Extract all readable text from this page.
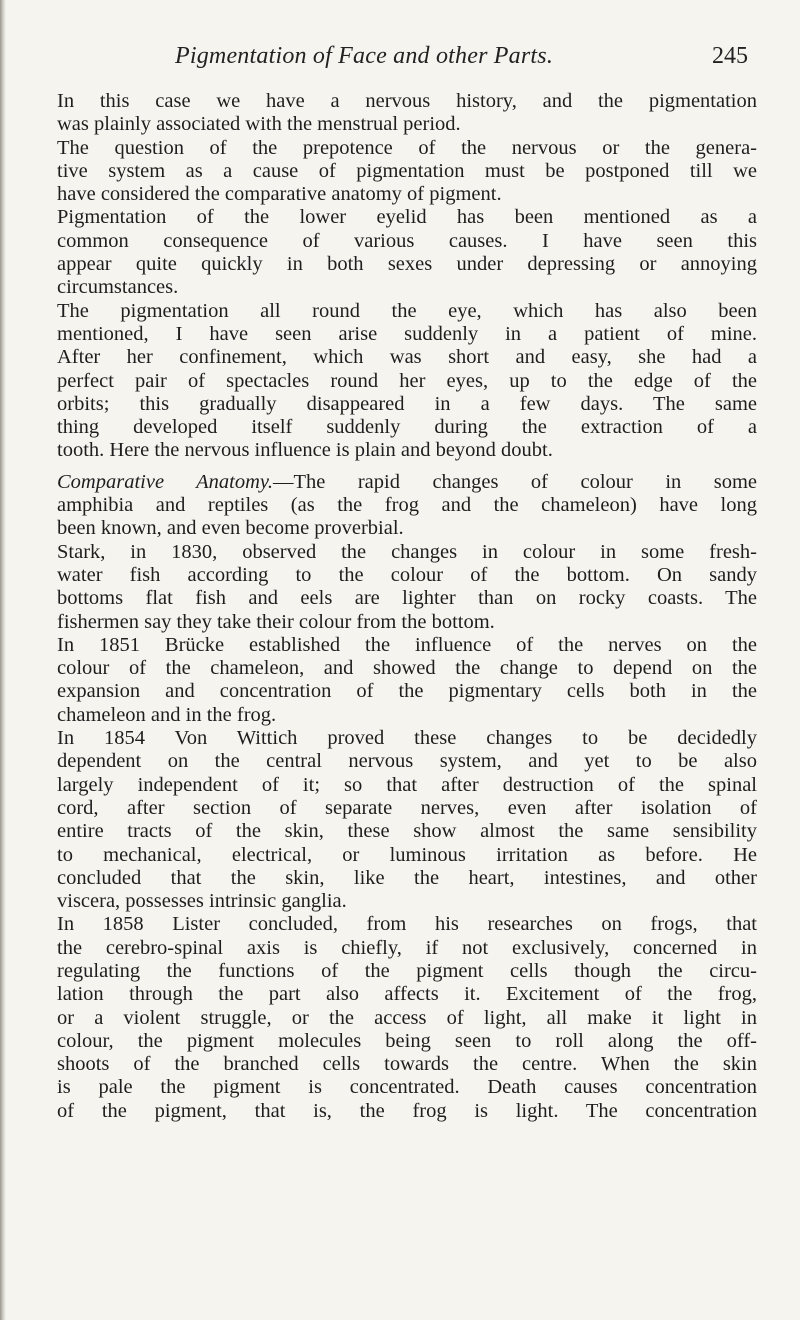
Pigmentation of Face and other Parts.	245
In this case we have a nervous history, and the pigmentation
was plainly associated with the menstrual period.
The question of the prepotence of the nervous or the genera-
tive system as a cause of pigmentation must be postponed till we
have considered the comparative anatomy of pigment.
Pigmentation of the lower eyelid has been mentioned as a
common consequence of various causes. I have seen this
appear quite quickly in both sexes under depressing or annoying
circumstances.
The pigmentation all round the eye, which has also been
mentioned, I have seen arise suddenly in a patient of mine.
After her confinement, which was short and easy, she had a
perfect pair of spectacles round her eyes, up to the edge of the
orbits; this gradually disappeared in a few days. The same
thing developed itself suddenly during the extraction of a
tooth. Here the nervous influence is plain and beyond doubt.
Comparative Anatomy.—The rapid changes of colour in some
amphibia and reptiles (as the frog and the chameleon) have long
been known, and even become proverbial.
Stark, in 1830, observed the changes in colour in some fresh-
water fish according to the colour of the bottom. On sandy
bottoms flat fish and eels are lighter than on rocky coasts. The
fishermen say they take their colour from the bottom.
In 1851 Brücke established the influence of the nerves on the
colour of the chameleon, and showed the change to depend on the
expansion and concentration of the pigmentary cells both in the
chameleon and in the frog.
In 1854 Von Wittich proved these changes to be decidedly
dependent on the central nervous system, and yet to be also
largely independent of it; so that after destruction of the spinal
cord, after section of separate nerves, even after isolation of
entire tracts of the skin, these show almost the same sensibility
to mechanical, electrical, or luminous irritation as before. He
concluded that the skin, like the heart, intestines, and other
viscera, possesses intrinsic ganglia.
In 1858 Lister concluded, from his researches on frogs, that
the cerebro-spinal axis is chiefly, if not exclusively, concerned in
regulating the functions of the pigment cells though the circu-
lation through the part also affects it. Excitement of the frog,
or a violent struggle, or the access of light, all make it light in
colour, the pigment molecules being seen to roll along the off-
shoots of the branched cells towards the centre. When the skin
is pale the pigment is concentrated. Death causes concentration
of the pigment, that is, the frog is light. The concentration
